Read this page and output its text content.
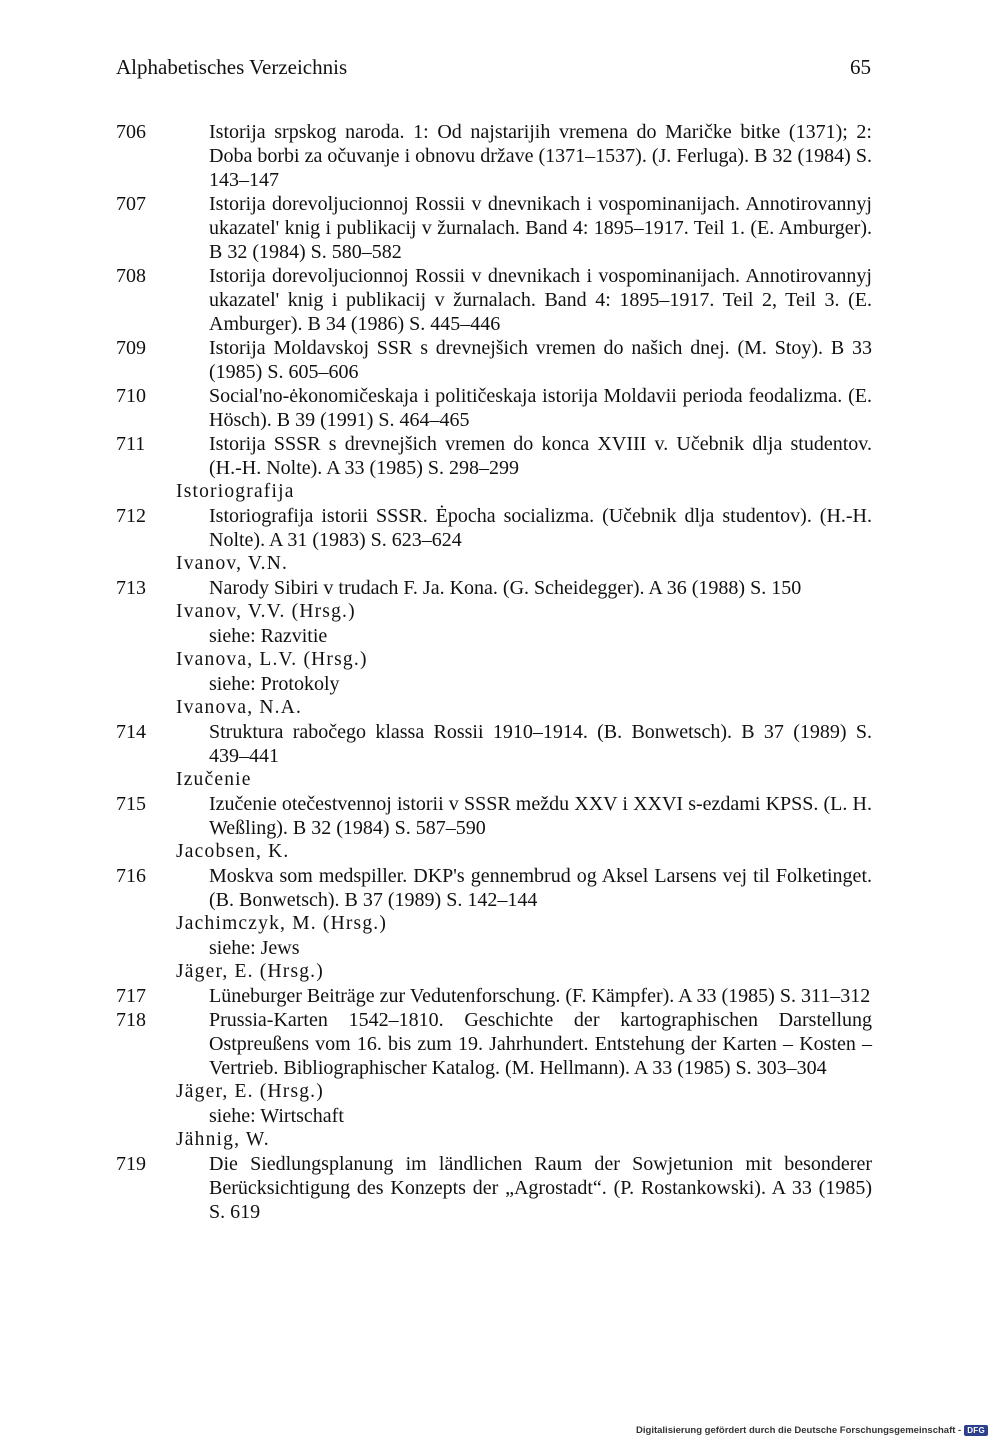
Alphabetisches Verzeichnis	65
706	Istorija srpskog naroda. 1: Od najstarijih vremena do Maričke bitke (1371); 2: Doba borbi za očuvanje i obnovu države (1371–1537). (J. Ferluga). B 32 (1984) S. 143–147
707	Istorija dorevoljucionnoj Rossii v dnevnikach i vospominanijach. Annotirovannyj ukazatel' knig i publikacij v žurnalach. Band 4: 1895–1917. Teil 1. (E. Amburger). B 32 (1984) S. 580–582
708	Istorija dorevoljucionnoj Rossii v dnevnikach i vospominanijach. Annotirovannyj ukazatel' knig i publikacij v žurnalach. Band 4: 1895–1917. Teil 2, Teil 3. (E. Amburger). B 34 (1986) S. 445–446
709	Istorija Moldavskoj SSR s drevnejšich vremen do našich dnej. (M. Stoy). B 33 (1985) S. 605–606
710	Social'no-ėkonomičeskaja i političeskaja istorija Moldavii perioda feodalizma. (E. Hösch). B 39 (1991) S. 464–465
711	Istorija SSSR s drevnejšich vremen do konca XVIII v. Učebnik dlja studentov. (H.-H. Nolte). A 33 (1985) S. 298–299
Istoriografija
712	Istoriografija istorii SSSR. Ėpocha socializma. (Učebnik dlja studentov). (H.-H. Nolte). A 31 (1983) S. 623–624
Ivanov, V.N.
713	Narody Sibiri v trudach F. Ja. Kona. (G. Scheidegger). A 36 (1988) S. 150
Ivanov, V.V. (Hrsg.)
siehe: Razvitie
Ivanova, L.V. (Hrsg.)
siehe: Protokoly
Ivanova, N.A.
714	Struktura rabočego klassa Rossii 1910–1914. (B. Bonwetsch). B 37 (1989) S. 439–441
Izučenie
715	Izučenie otečestvennoj istorii v SSSR meždu XXV i XXVI s-ezdami KPSS. (L. H. Weßling). B 32 (1984) S. 587–590
Jacobsen, K.
716	Moskva som medspiller. DKP's gennembrud og Aksel Larsens vej til Folketinget. (B. Bonwetsch). B 37 (1989) S. 142–144
Jachimczyk, M. (Hrsg.)
siehe: Jews
Jäger, E. (Hrsg.)
717	Lüneburger Beiträge zur Vedutenforschung. (F. Kämpfer). A 33 (1985) S. 311–312
718	Prussia-Karten 1542–1810. Geschichte der kartographischen Darstellung Ostpreußens vom 16. bis zum 19. Jahrhundert. Entstehung der Karten – Kosten – Vertrieb. Bibliographischer Katalog. (M. Hellmann). A 33 (1985) S. 303–304
Jäger, E. (Hrsg.)
siehe: Wirtschaft
Jähnig, W.
719	Die Siedlungsplanung im ländlichen Raum der Sowjetunion mit besonderer Berücksichtigung des Konzepts der „Agrostadt“. (P. Rostankowski). A 33 (1985) S. 619
Digitalisierung gefördert durch die Deutsche Forschungsgemeinschaft - DFG
